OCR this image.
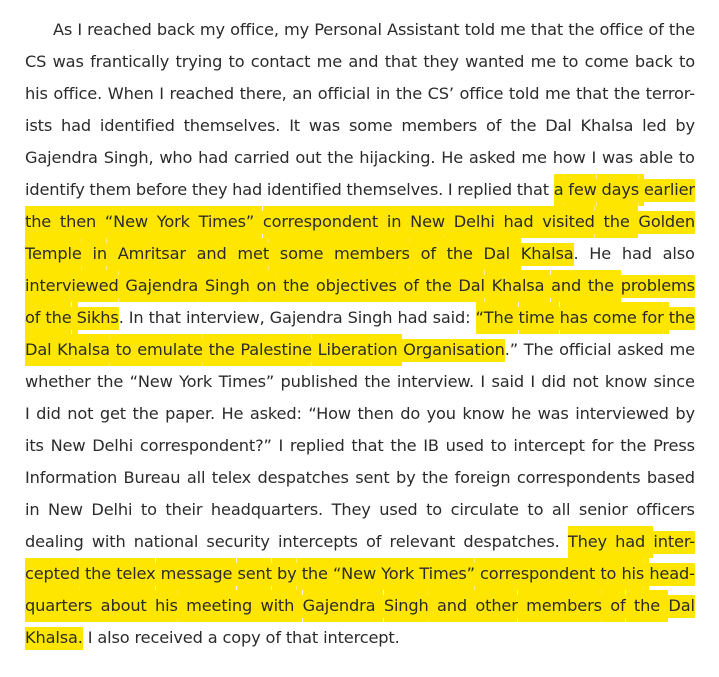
As I reached back my office, my Personal Assistant told me that the office of the
CS was frantically trying to contact me and that they wanted me to come back to
his office. When I reached there, an official in the CS’ office told me that the terror-
ists had identified themselves. It was some members of the Dal Khalsa led by
Gajendra Singh, who had carried out the hijacking. He asked me how I was able to
identify them before they had identified themselves. I replied that a few days earlier
the then “New York Times” correspondent in New Delhi had visited the Golden
Temple in Amritsar and met some members of the Dal Khalsa. He had also
interviewed Gajendra Singh on the objectives of the Dal Khalsa and the problems
of the Sikhs. In that interview, Gajendra Singh had said: “The time has come for the
Dal Khalsa to emulate the Palestine Liberation Organisation.” The official asked me
whether the “New York Times” published the interview. I said I did not know since
I did not get the paper. He asked: “How then do you know he was interviewed by
its New Delhi correspondent?” I replied that the IB used to intercept for the Press
Information Bureau all telex despatches sent by the foreign correspondents based
in New Delhi to their headquarters. They used to circulate to all senior officers
dealing with national security intercepts of relevant despatches. They had inter-
cepted the telex message sent by the “New York Times” correspondent to his head-
quarters about his meeting with Gajendra Singh and other members of the Dal
Khalsa. I also received a copy of that intercept.
